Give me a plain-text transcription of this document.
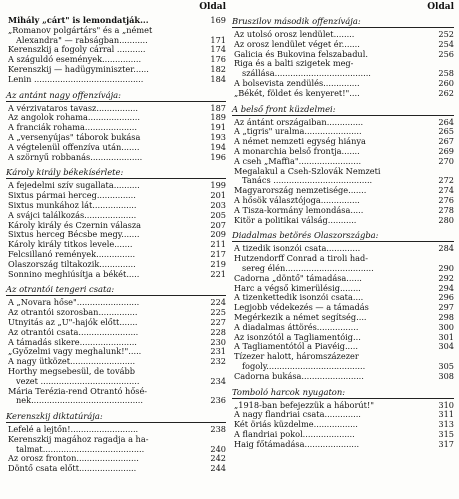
Oldal
Mihály „cárt" is lemondatják...	169
„Romanov polgártárs" és a „német
Alexandra" — rabságban...........	171
Kerenszkij a fogoly cárral ...........	174
A száguldó események...............	176
Kerenszkij — hadügyminiszter......	182
Lenin ..........................................	184
Az antánt nagy offenzívája:
A vérzivataros tavasz................	187
Az angolok rohama....................	189
A franciák rohama....................	191
A „versenyújas" táborok bukása	193
A végtelenül offenzíva után.......	194
A szörnyű robbanás....................	196
Károly király békekísérlete:
A fejedelmi szív sugallata..........	199
Sixtus pármai herceg...............	201
Sixtus munkához lát.................	203
A svájci találkozás....................	205
Károly király és Czernin válasza	207
Sixtus herceg Bécsbe megy.......	209
Károly király titkos levele.......	211
Felcsillanó remények...............	217
Olaszország tiltakozik..............	219
Sonnino meghiúsítja a békét.....	221
Az otrantói tengeri csata:
A „Novara hőse"........................	224
Az otrantói szorosban...............	225
Utnyitás az „U"-hajók előtt.......	227
Az otrantói csata.......................	228
A támadás sikere......................	230
„Győzelmi vagy meghalunk!".....	231
A nagy ütközet.........................	232
Horthy megsebesül, de tovább
vezet ......................................	234
Mária Terézia-rend Otrantó hősé-
nek...........................................	236
Kerenszkij diktatúrája:
Lefelé a lejtőn!..........................	238
Kerenszkij magához ragadja a ha-
talmat.......................................	240
Az orosz fronton........................	242
Döntő csata előtt......................	244
Oldal
Bruszilov második offenzívája:
Az utolsó orosz lendület........	252
Az orosz lendület véget ér.......	254
Galicia és Bukovina felszabadul.	256
Riga és a balti szigetek meg-
szállása.....................................	258
A bolsevista zendülés..............	260
„Békét, földet és kenyeret!"....	262
A belső front küzdelmei:
Az ántánt országaiban..............	264
A „tigris" uralma......................	265
A német nemzeti egység hiánya	267
A monarchia belső frontja.......	269
A cseh „Maffia"........................	270
Megalakul a Cseh-Szlovák Nemzeti
Tanács ......................................	272
Magyarország nemzetisége.......	274
A hősök választójoga...............	276
A Tisza-kormány lemondása.....	278
Kitör a politikai válság...........	280
Diadalmas betörés Olaszországba:
A tizedik isonzói csata.............	284
Hutzendorff Conrad a tiroli had-
sereg élén..................................	290
Cadorna „döntő" támadása......	292
Harc a végső kimerülésig........	294
A tizenkettedik isonzói csata....	296
Legjobb védekezés — a támadás	297
Megérkezik a német segítség....	298
A diadalmas áttörés................	300
Az isonzótól a Tagliamentóig...	301
A Tagliamentótól a Piavéig.....	304
Tízezer halott, háromszázezer
fogoly......................................	305
Cadorna bukása........................	308
Tomboló harcok nyugaton:
„1918-ban befejezzük a háborút!"	310
A nagy flandriai csata..............	311
Két öriás küzdelme.................	313
A flandriai pokol....................	315
Haig főtámadása.....................	317
